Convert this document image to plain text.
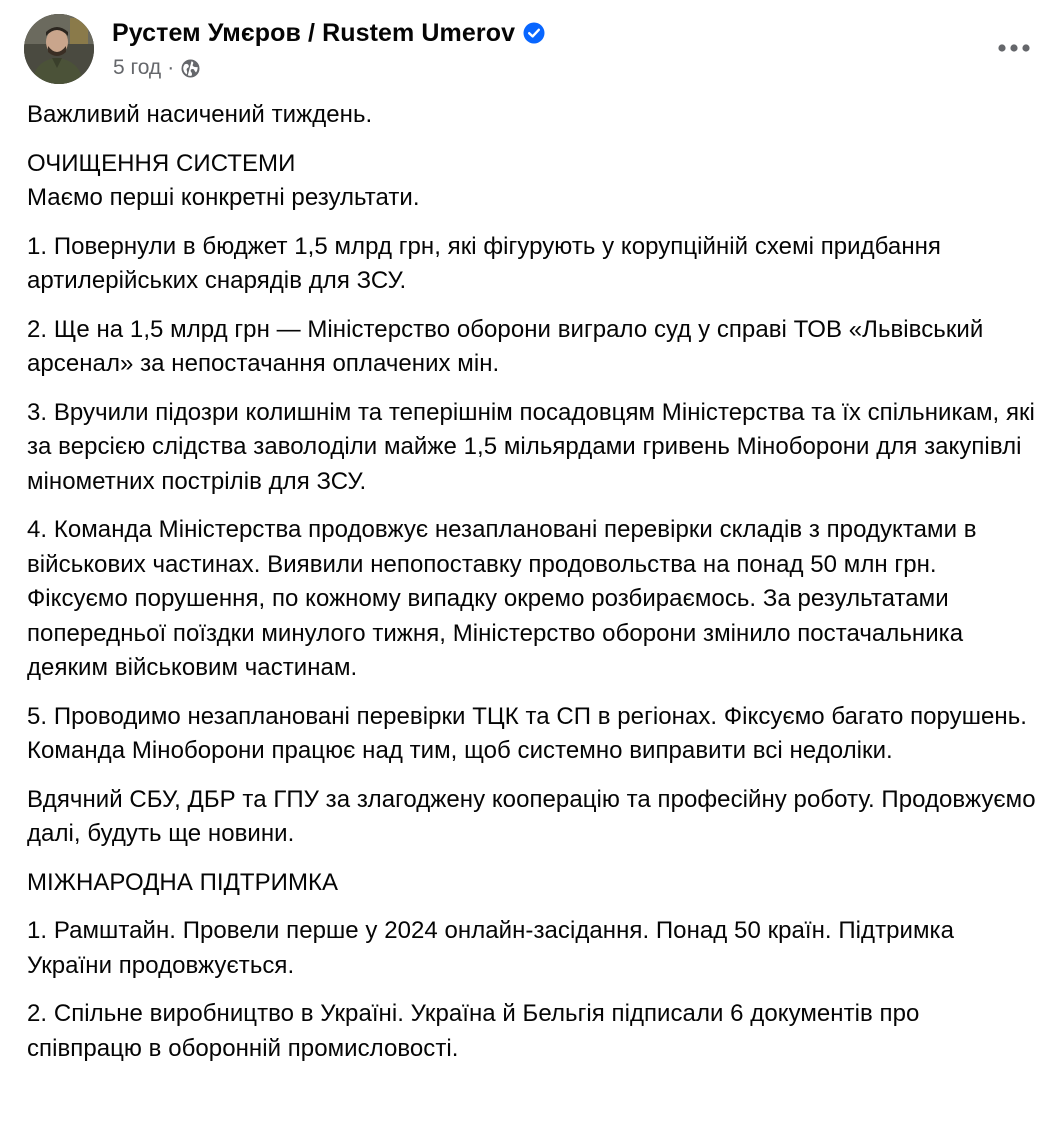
Рустем Умєров / Rustem Umerov
5 год ·

Важливий насичений тиждень.

ОЧИЩЕННЯ СИСТЕМИ

Маємо перші конкретні результати.

1. Повернули в бюджет 1,5 млрд грн, які фігурують у корупційній схемі придбання артилерійських снарядів для ЗСУ.

2. Ще на 1,5 млрд грн — Міністерство оборони виграло суд у справі ТОВ «Львівський арсенал» за непостачання оплачених мін.

3. Вручили підозри колишнім та теперішнім посадовцям Міністерства та їх спільникам, які за версією слідства заволоділи майже 1,5 мільярдами гривень Міноборони для закупівлі мінометних пострілів для ЗСУ.

4. Команда Міністерства продовжує незаплановані перевірки складів з продуктами в військових частинах. Виявили непопоставку продовольства на понад 50 млн грн. Фіксуємо порушення, по кожному випадку окремо розбираємось. За результатами попередньої поїздки минулого тижня, Міністерство оборони змінило постачальника деяким військовим частинам.

5. Проводимо незаплановані перевірки ТЦК та СП в регіонах. Фіксуємо багато порушень. Команда Міноборони працює над тим, щоб системно виправити всі недоліки.

Вдячний СБУ, ДБР та ГПУ за злагоджену кооперацію та професійну роботу. Продовжуємо далі, будуть ще новини.

МІЖНАРОДНА ПІДТРИМКА

1. Рамштайн. Провели перше у 2024 онлайн-засідання. Понад 50 країн. Підтримка України продовжується.

2. Спільне виробництво в Україні. Україна й Бельгія підписали 6 документів про співпрацю в оборонній промисловості.
